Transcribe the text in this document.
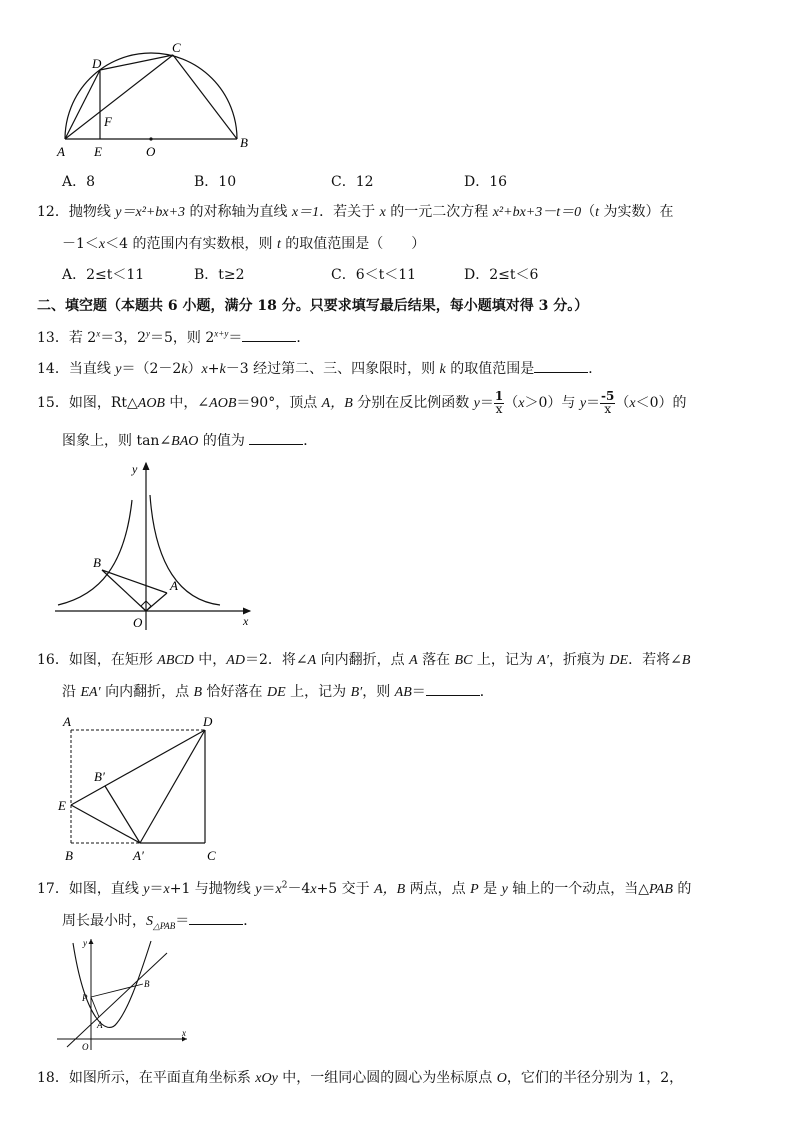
D
C
F
A E	O
B
A．8	B．10	C．12	D．16
12．抛物线 y＝x²+bx+3 的对称轴为直线 x＝1．若关于 x 的一元二次方程 x²+bx+3－t＝0（t 为实数）在
－1＜x＜4 的范围内有实数根，则 t 的取值范围是（　　）
A．2≤t＜11	B．t≥2	C．6＜t＜11	D．2≤t＜6
二、填空题（本题共 6 小题，满分 18 分。只要求填写最后结果，每小题填对得 3 分。）
13．若 $2^x=3$，$2^y=5$，则 $2^{x+y}=$	．
14．当直线 y＝（2－2k）x+k－3 经过第二、三、四象限时，则 k 的取值范围是	．
15．如图，Rt△AOB 中，∠AOB＝90°，顶点 A，B 分别在反比例函数 $y=\frac{1}{x}(x>0)$与 $y=\frac{-5}{x}(x<0)$的
图象上，则 tan∠BAO 的值为	．
y
x
O
B
A
16．如图，在矩形 ABCD 中，AD＝2．将∠A 向内翻折，点 A 落在 BC 上，记为 A′，折痕为 DE．若将∠B
沿 EA′ 向内翻折，点 B 恰好落在 DE 上，记为 B′，则 AB＝	．
A	D
B′
E
B	A′	C
17．如图，直线 y＝x+1 与抛物线 $y=x^2-4x+5$ 交于 A，B 两点，点 P 是 y 轴上的一个动点，当△PAB 的
周长最小时，$S_{\triangle PAB}=$	．
y
x
O
P
A
B
18．如图所示，在平面直角坐标系 xOy 中，一组同心圆的圆心为坐标原点 O，它们的半径分别为 1，2，
